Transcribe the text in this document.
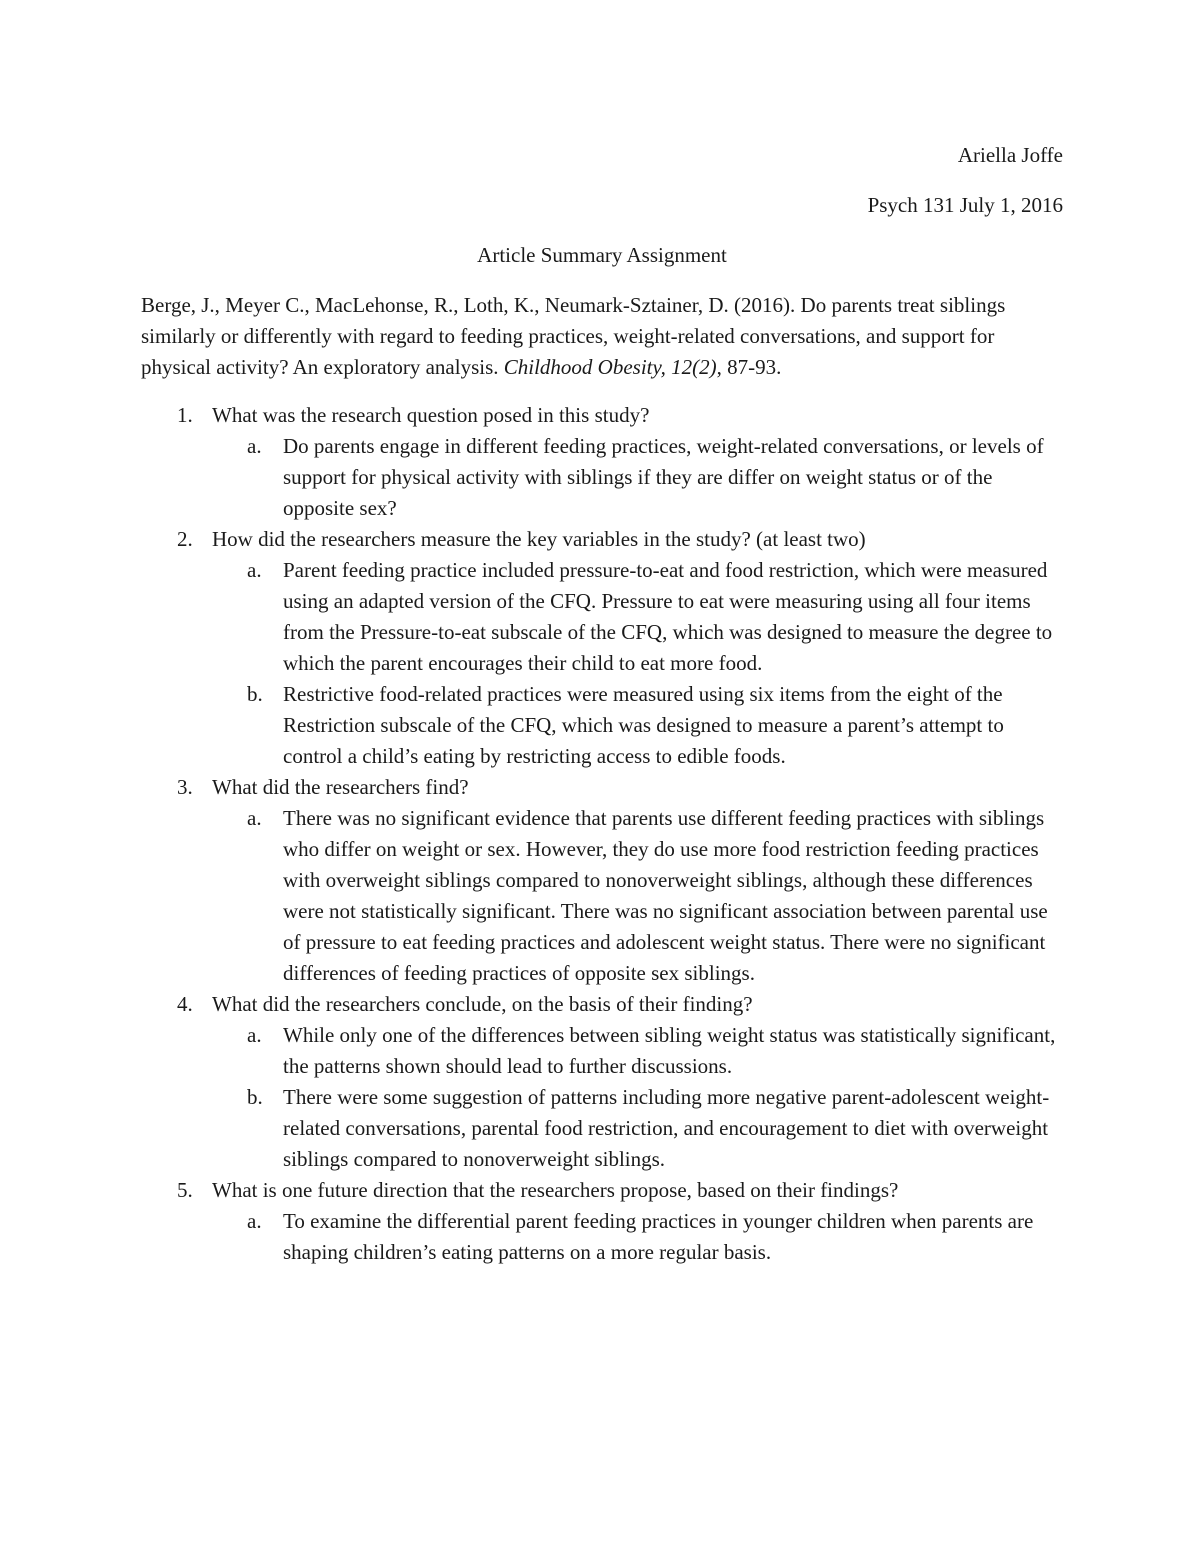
Ariella Joffe
Psych 131 July 1, 2016
Article Summary Assignment
Berge, J., Meyer C., MacLehonse, R., Loth, K., Neumark-Sztainer, D. (2016). Do parents treat siblings similarly or differently with regard to feeding practices, weight-related conversations, and support for physical activity? An exploratory analysis. Childhood Obesity, 12(2), 87-93.
1. What was the research question posed in this study?
a. Do parents engage in different feeding practices, weight-related conversations, or levels of support for physical activity with siblings if they are differ on weight status or of the opposite sex?
2. How did the researchers measure the key variables in the study? (at least two)
a. Parent feeding practice included pressure-to-eat and food restriction, which were measured using an adapted version of the CFQ. Pressure to eat were measuring using all four items from the Pressure-to-eat subscale of the CFQ, which was designed to measure the degree to which the parent encourages their child to eat more food.
b. Restrictive food-related practices were measured using six items from the eight of the Restriction subscale of the CFQ, which was designed to measure a parent’s attempt to control a child’s eating by restricting access to edible foods.
3. What did the researchers find?
a. There was no significant evidence that parents use different feeding practices with siblings who differ on weight or sex. However, they do use more food restriction feeding practices with overweight siblings compared to nonoverweight siblings, although these differences were not statistically significant. There was no significant association between parental use of pressure to eat feeding practices and adolescent weight status. There were no significant differences of feeding practices of opposite sex siblings.
4. What did the researchers conclude, on the basis of their finding?
a. While only one of the differences between sibling weight status was statistically significant, the patterns shown should lead to further discussions.
b. There were some suggestion of patterns including more negative parent-adolescent weight-related conversations, parental food restriction, and encouragement to diet with overweight siblings compared to nonoverweight siblings.
5. What is one future direction that the researchers propose, based on their findings?
a. To examine the differential parent feeding practices in younger children when parents are shaping children’s eating patterns on a more regular basis.
